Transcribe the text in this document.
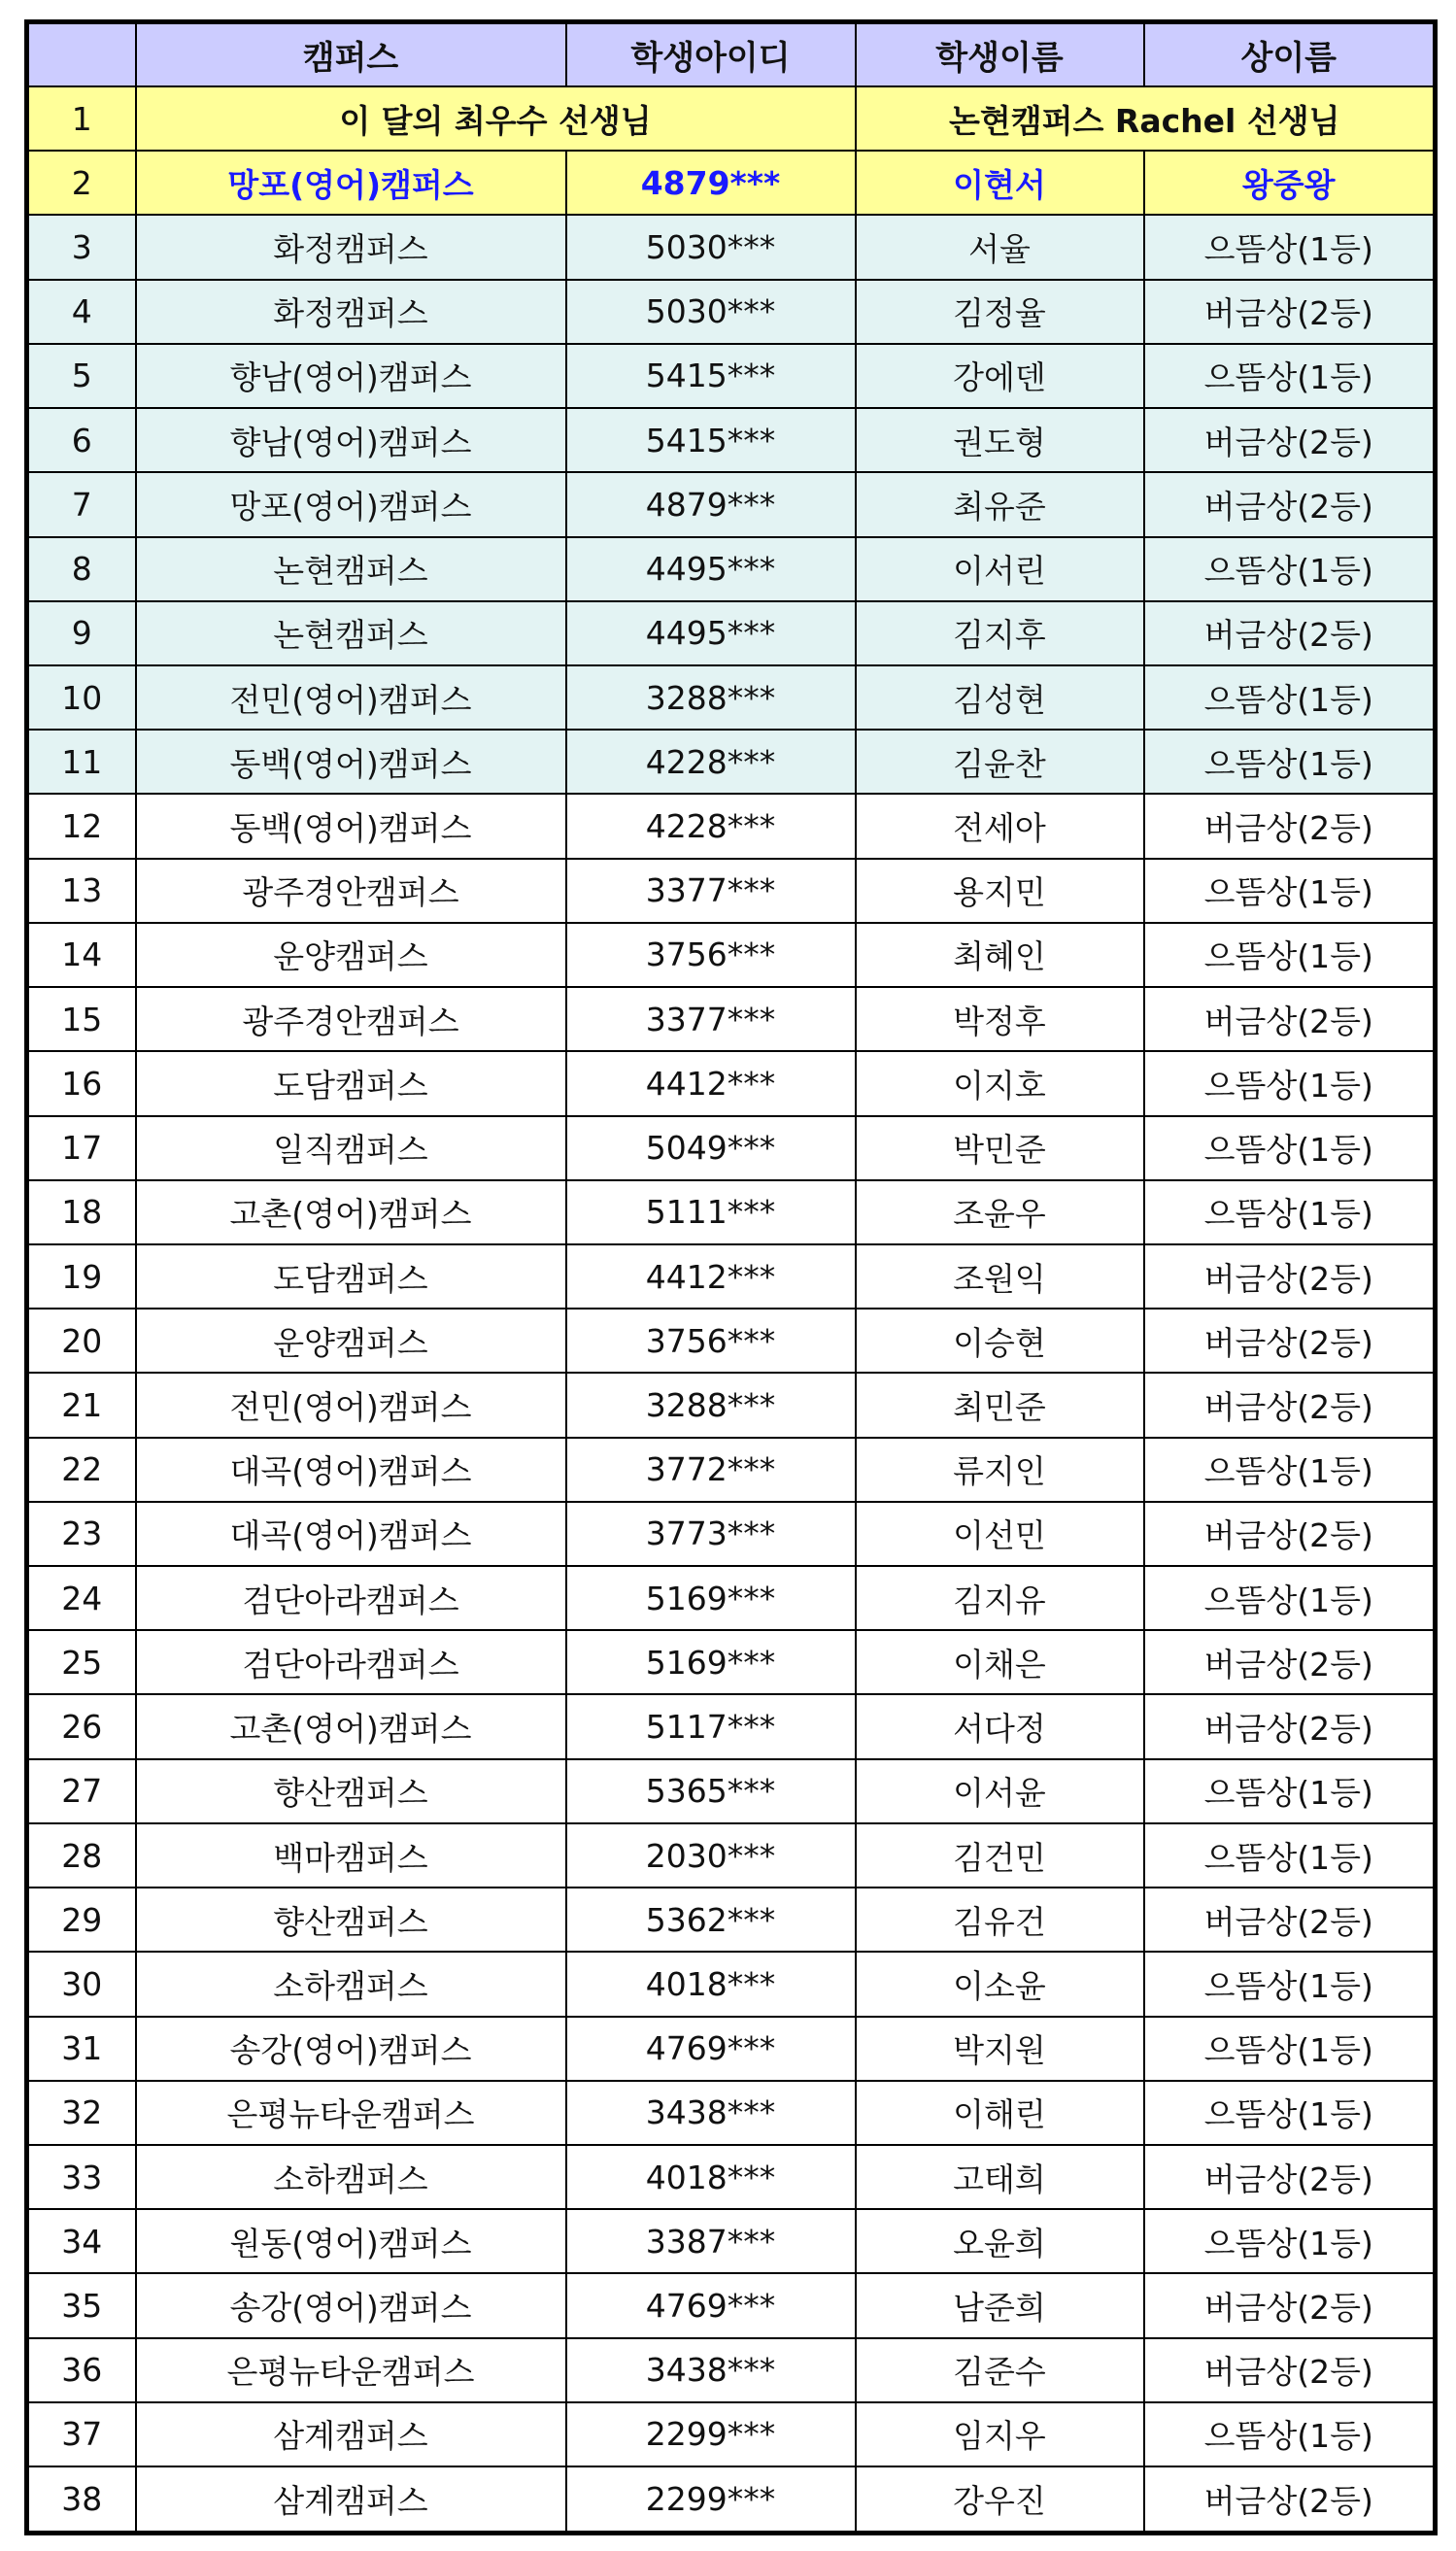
	캠퍼스	학생아이디	학생이름	상이름
1	이 달의 최우수 선생님		논현캠퍼스 Rachel 선생님	
2	망포(영어)캠퍼스	4879***	이현서	왕중왕
3	화정캠퍼스	5030***	서율	으뜸상(1등)
4	화정캠퍼스	5030***	김정율	버금상(2등)
5	향남(영어)캠퍼스	5415***	강에덴	으뜸상(1등)
6	향남(영어)캠퍼스	5415***	권도형	버금상(2등)
7	망포(영어)캠퍼스	4879***	최유준	버금상(2등)
8	논현캠퍼스	4495***	이서린	으뜸상(1등)
9	논현캠퍼스	4495***	김지후	버금상(2등)
10	전민(영어)캠퍼스	3288***	김성현	으뜸상(1등)
11	동백(영어)캠퍼스	4228***	김윤찬	으뜸상(1등)
12	동백(영어)캠퍼스	4228***	전세아	버금상(2등)
13	광주경안캠퍼스	3377***	용지민	으뜸상(1등)
14	운양캠퍼스	3756***	최혜인	으뜸상(1등)
15	광주경안캠퍼스	3377***	박정후	버금상(2등)
16	도담캠퍼스	4412***	이지호	으뜸상(1등)
17	일직캠퍼스	5049***	박민준	으뜸상(1등)
18	고촌(영어)캠퍼스	5111***	조윤우	으뜸상(1등)
19	도담캠퍼스	4412***	조원익	버금상(2등)
20	운양캠퍼스	3756***	이승현	버금상(2등)
21	전민(영어)캠퍼스	3288***	최민준	버금상(2등)
22	대곡(영어)캠퍼스	3772***	류지인	으뜸상(1등)
23	대곡(영어)캠퍼스	3773***	이선민	버금상(2등)
24	검단아라캠퍼스	5169***	김지유	으뜸상(1등)
25	검단아라캠퍼스	5169***	이채은	버금상(2등)
26	고촌(영어)캠퍼스	5117***	서다정	버금상(2등)
27	향산캠퍼스	5365***	이서윤	으뜸상(1등)
28	백마캠퍼스	2030***	김건민	으뜸상(1등)
29	향산캠퍼스	5362***	김유건	버금상(2등)
30	소하캠퍼스	4018***	이소윤	으뜸상(1등)
31	송강(영어)캠퍼스	4769***	박지원	으뜸상(1등)
32	은평뉴타운캠퍼스	3438***	이해린	으뜸상(1등)
33	소하캠퍼스	4018***	고태희	버금상(2등)
34	원동(영어)캠퍼스	3387***	오윤희	으뜸상(1등)
35	송강(영어)캠퍼스	4769***	남준희	버금상(2등)
36	은평뉴타운캠퍼스	3438***	김준수	버금상(2등)
37	삼계캠퍼스	2299***	임지우	으뜸상(1등)
38	삼계캠퍼스	2299***	강우진	버금상(2등)
